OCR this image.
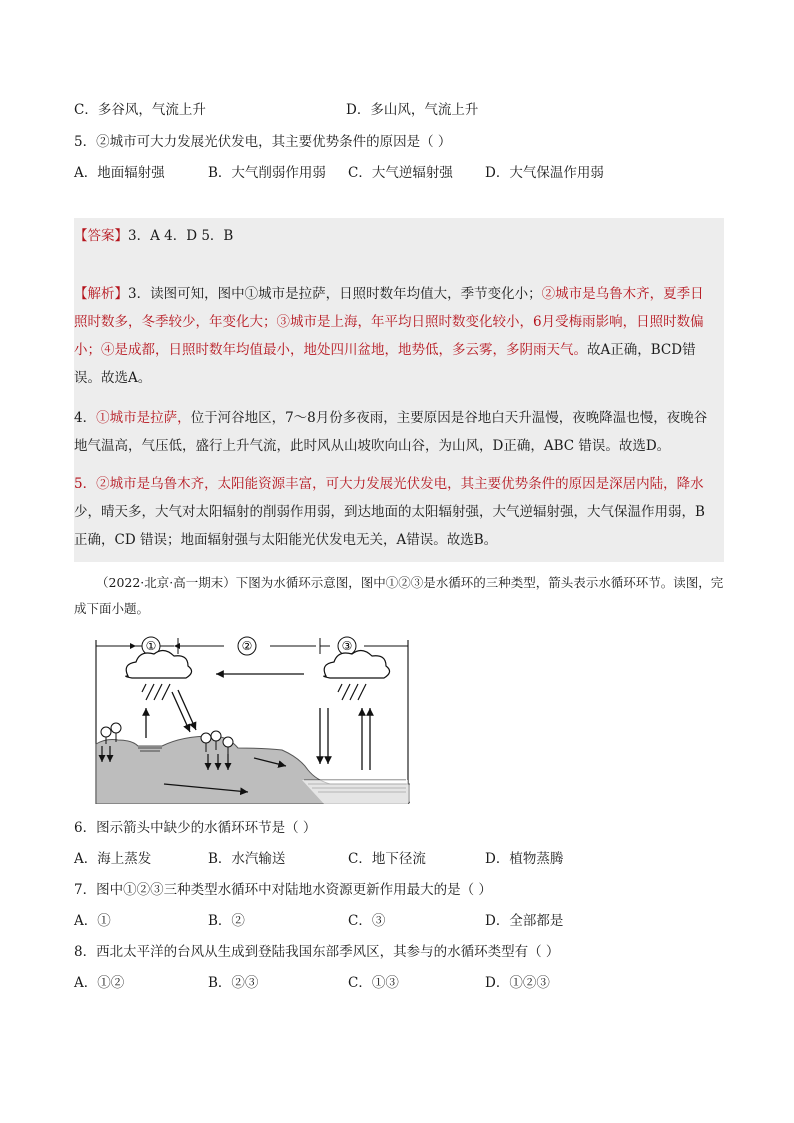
C．多谷风，气流上升	D．多山风，气流上升
5．②城市可大力发展光伏发电，其主要优势条件的原因是（ ）
A．地面辐射强	B．大气削弱作用弱 C．大气逆辐射强 D．大气保温作用弱
【答案】3．A 4．D 5．B
【解析】3．读图可知，图中①城市是拉萨，日照时数年均值大，季节变化小；②城市是乌鲁木齐，夏季日
照时数多，冬季较少，年变化大；③城市是上海，年平均日照时数变化较小，6月受梅雨影响，日照时数偏
小；④是成都，日照时数年均值最小，地处四川盆地，地势低，多云雾，多阴雨天气。故A正确，BCD错
误。故选A。
4．①城市是拉萨，位于河谷地区，7～8月份多夜雨，主要原因是谷地白天升温慢，夜晚降温也慢，夜晚谷
地气温高，气压低，盛行上升气流，此时风从山坡吹向山谷，为山风，D正确，ABC 错误。故选D。
5．②城市是乌鲁木齐，太阳能资源丰富，可大力发展光伏发电，其主要优势条件的原因是深居内陆，降水
少，晴天多，大气对太阳辐射的削弱作用弱，到达地面的太阳辐射强，大气逆辐射强，大气保温作用弱，B
正确，CD 错误；地面辐射强与太阳能光伏发电无关，A错误。故选B。
（2022·北京·高一期末）下图为水循环示意图，图中①②③是水循环的三种类型，箭头表示水循环环节。读图，完成下面小题。
①	②	③
6．图示箭头中缺少的水循环环节是（ ）
A．海上蒸发	B．水汽输送	C．地下径流	D．植物蒸腾
7．图中①②③三种类型水循环中对陆地水资源更新作用最大的是（ ）
A．①	B．②	C．③	D．全部都是
8．西北太平洋的台风从生成到登陆我国东部季风区，其参与的水循环类型有（ ）
A．①②	B．②③	C．①③	D．①②③
